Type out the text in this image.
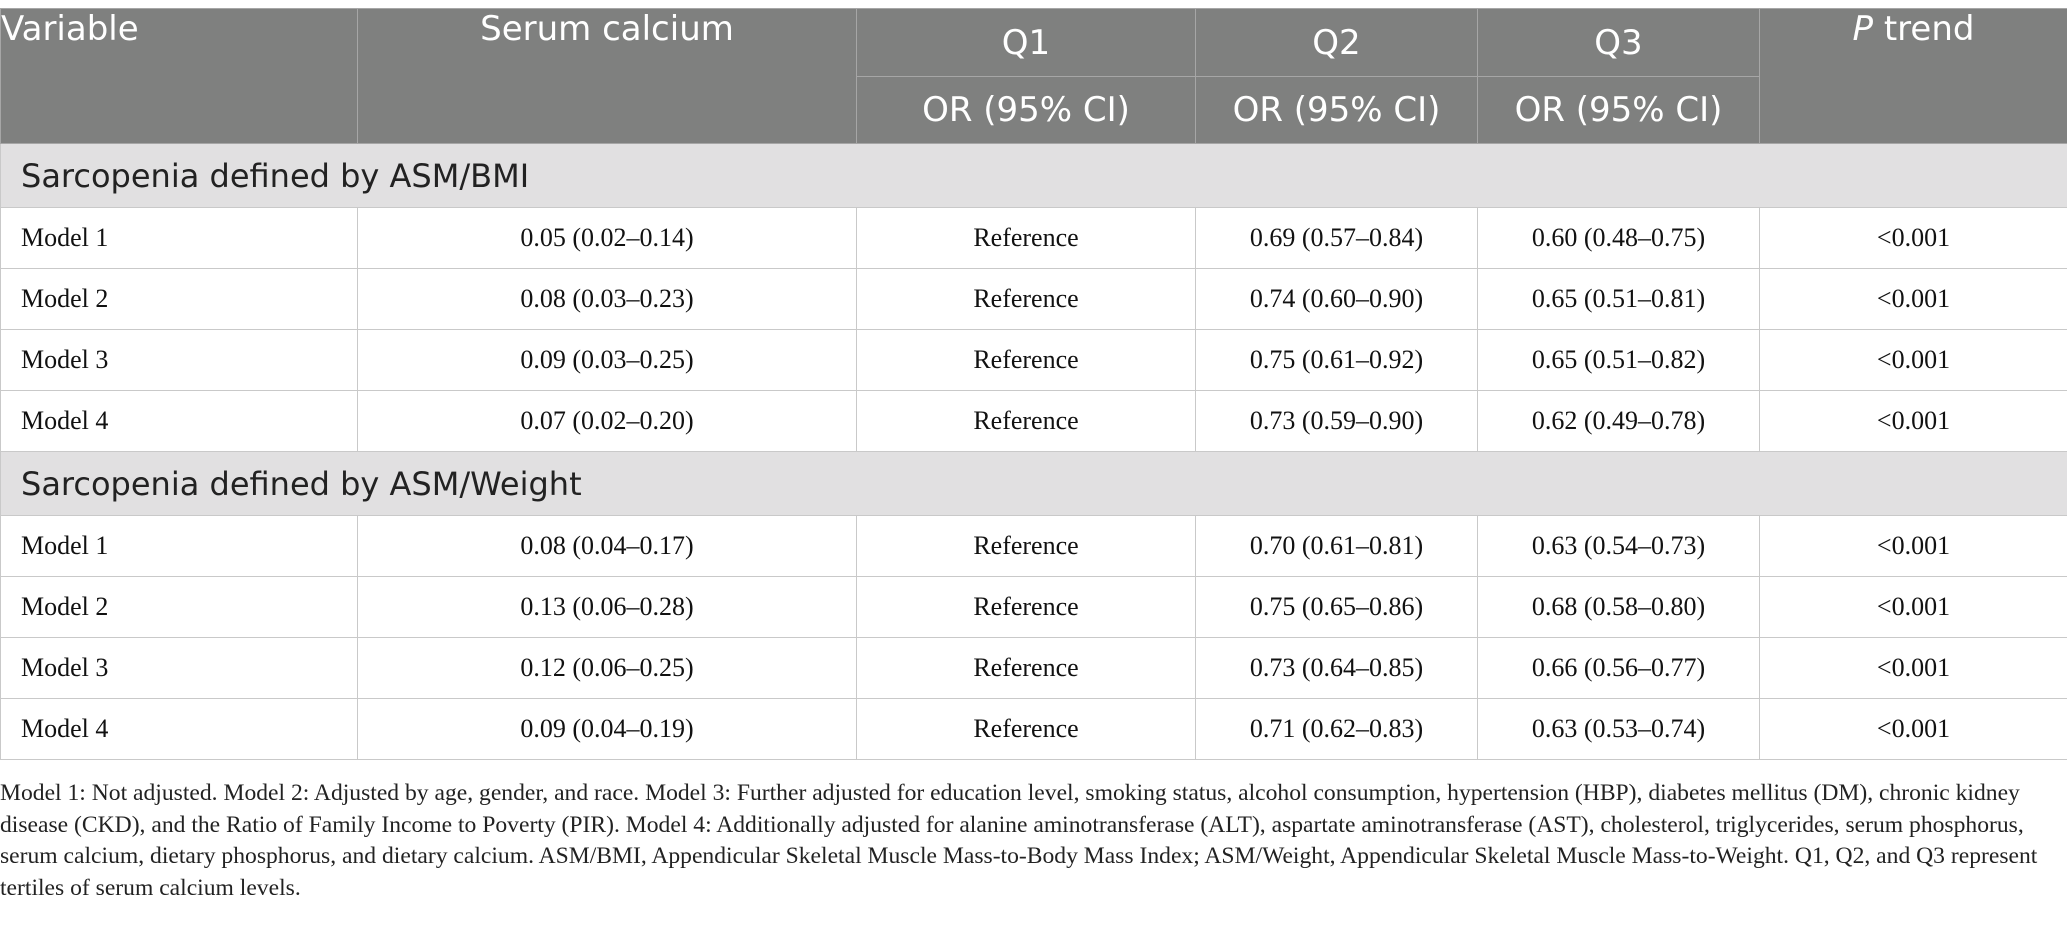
Variable	Serum calcium	Q1	Q2	Q3	P trend
		OR (95% CI)	OR (95% CI)	OR (95% CI)	
Sarcopenia defined by ASM/BMI					
Model 1	0.05 (0.02–0.14)	Reference	0.69 (0.57–0.84)	0.60 (0.48–0.75)	<0.001
Model 2	0.08 (0.03–0.23)	Reference	0.74 (0.60–0.90)	0.65 (0.51–0.81)	<0.001
Model 3	0.09 (0.03–0.25)	Reference	0.75 (0.61–0.92)	0.65 (0.51–0.82)	<0.001
Model 4	0.07 (0.02–0.20)	Reference	0.73 (0.59–0.90)	0.62 (0.49–0.78)	<0.001
Sarcopenia defined by ASM/Weight					
Model 1	0.08 (0.04–0.17)	Reference	0.70 (0.61–0.81)	0.63 (0.54–0.73)	<0.001
Model 2	0.13 (0.06–0.28)	Reference	0.75 (0.65–0.86)	0.68 (0.58–0.80)	<0.001
Model 3	0.12 (0.06–0.25)	Reference	0.73 (0.64–0.85)	0.66 (0.56–0.77)	<0.001
Model 4	0.09 (0.04–0.19)	Reference	0.71 (0.62–0.83)	0.63 (0.53–0.74)	<0.001
Model 1: Not adjusted. Model 2: Adjusted by age, gender, and race. Model 3: Further adjusted for education level, smoking status, alcohol consumption, hypertension (HBP), diabetes mellitus (DM), chronic kidney disease (CKD), and the Ratio of Family Income to Poverty (PIR). Model 4: Additionally adjusted for alanine aminotransferase (ALT), aspartate aminotransferase (AST), cholesterol, triglycerides, serum phosphorus, serum calcium, dietary phosphorus, and dietary calcium. ASM/BMI, Appendicular Skeletal Muscle Mass-to-Body Mass Index; ASM/Weight, Appendicular Skeletal Muscle Mass-to-Weight. Q1, Q2, and Q3 represent tertiles of serum calcium levels.
